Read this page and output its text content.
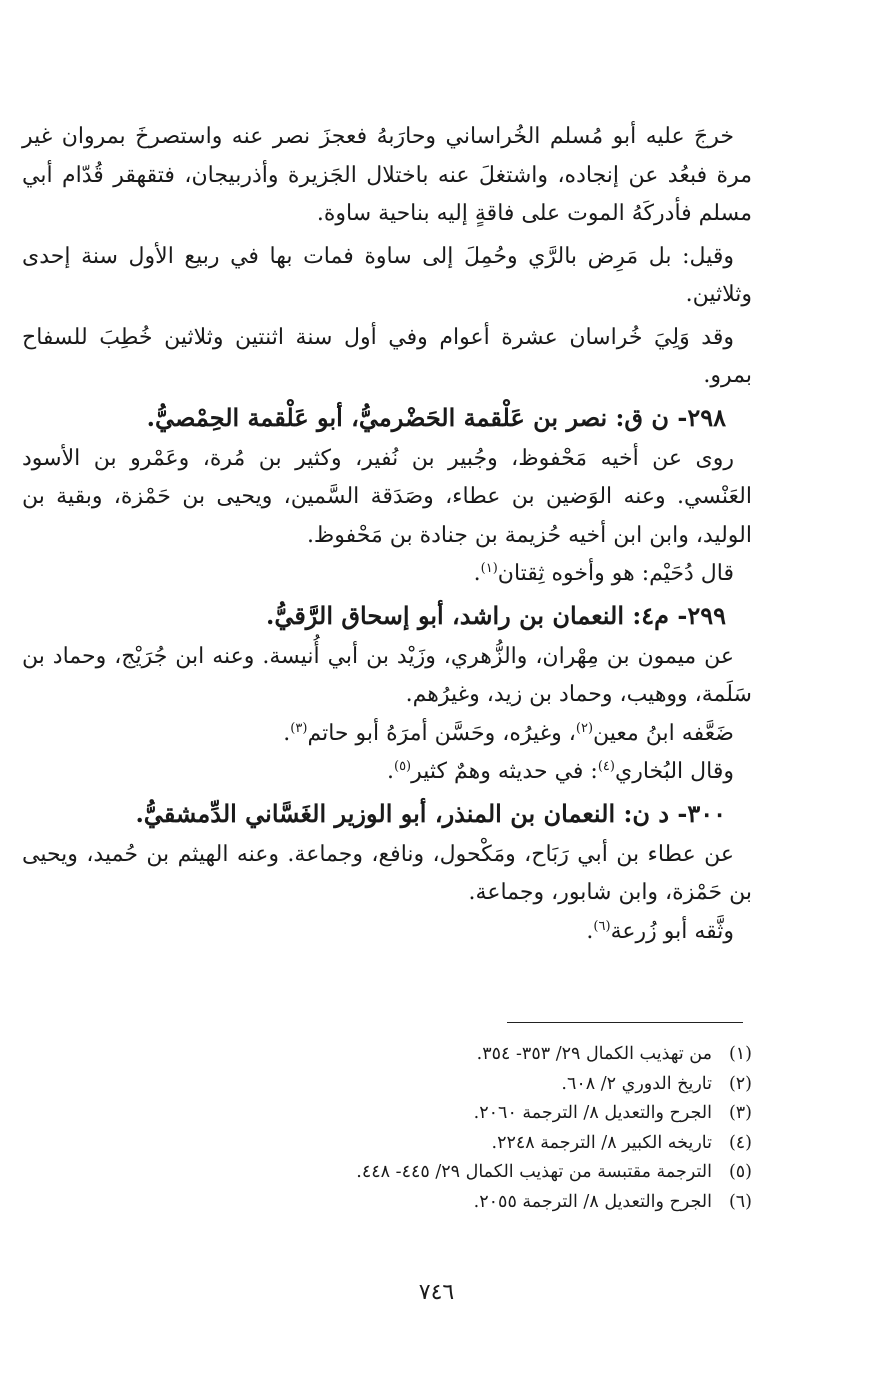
خرجَ عليه أبو مُسلم الخُراساني وحارَبهُ فعجزَ نصر عنه واستصرخَ بمروان غير مرة فبعُد عن إنجاده، واشتغلَ عنه باختلال الجَزيرة وأذربيجان، فتقهقر قُدّام أبي مسلم فأدركَهُ الموت على فاقةٍ إليه بناحية ساوة.

وقيل: بل مَرِض بالرَّي وحُمِلَ إلى ساوة فمات بها في ربيع الأول سنة إحدى وثلاثين.

وقد وَلِيَ خُراسان عشرة أعوام وفي أول سنة اثنتين وثلاثين خُطِبَ للسفاح بمرو.

٢٩٨- ن ق: نصر بن عَلْقمة الحَضْرميُّ، أبو عَلْقمة الحِمْصيُّ.

روى عن أخيه مَحْفوظ، وجُبير بن نُفير، وكثير بن مُرة، وعَمْرو بن الأسود العَنْسي. وعنه الوَضين بن عطاء، وصَدَقة السَّمين، ويحيى بن حَمْزة، وبقية بن الوليد، وابن ابن أخيه حُزيمة بن جنادة بن مَحْفوظ.

قال دُحَيْم: هو وأخوه ثِقتان$^{(١)}$.

٢٩٩- م٤: النعمان بن راشد، أبو إسحاق الرَّقيُّ.

عن ميمون بن مِهْران، والزُّهري، وزَيْد بن أبي أُنيسة. وعنه ابن جُرَيْج، وحماد بن سَلَمة، ووهيب، وحماد بن زيد، وغيرُهم.

ضَعَّفه ابنُ معين$^{(٢)}$، وغيرُه، وحَسَّن أمرَهُ أبو حاتم$^{(٣)}$.

وقال البُخاري$^{(٤)}$: في حديثه وهمٌ كثير$^{(٥)}$.

٣٠٠- د ن: النعمان بن المنذر، أبو الوزير الغَسَّاني الدِّمشقيُّ.

عن عطاء بن أبي رَبَاح، ومَكْحول، ونافع، وجماعة. وعنه الهيثم بن حُميد، ويحيى بن حَمْزة، وابن شابور، وجماعة.

وثَّقه أبو زُرعة$^{(٦)}$.

(١)من تهذيب الكمال ٢٩/ ٣٥٣- ٣٥٤.
(٢)تاريخ الدوري ٢/ ٦٠٨.
(٣)الجرح والتعديل ٨/ الترجمة ٢٠٦٠.
(٤)تاريخه الكبير ٨/ الترجمة ٢٢٤٨.
(٥)الترجمة مقتبسة من تهذيب الكمال ٢٩/ ٤٤٥- ٤٤٨.
(٦)الجرح والتعديل ٨/ الترجمة ٢٠٥٥.
٧٤٦
